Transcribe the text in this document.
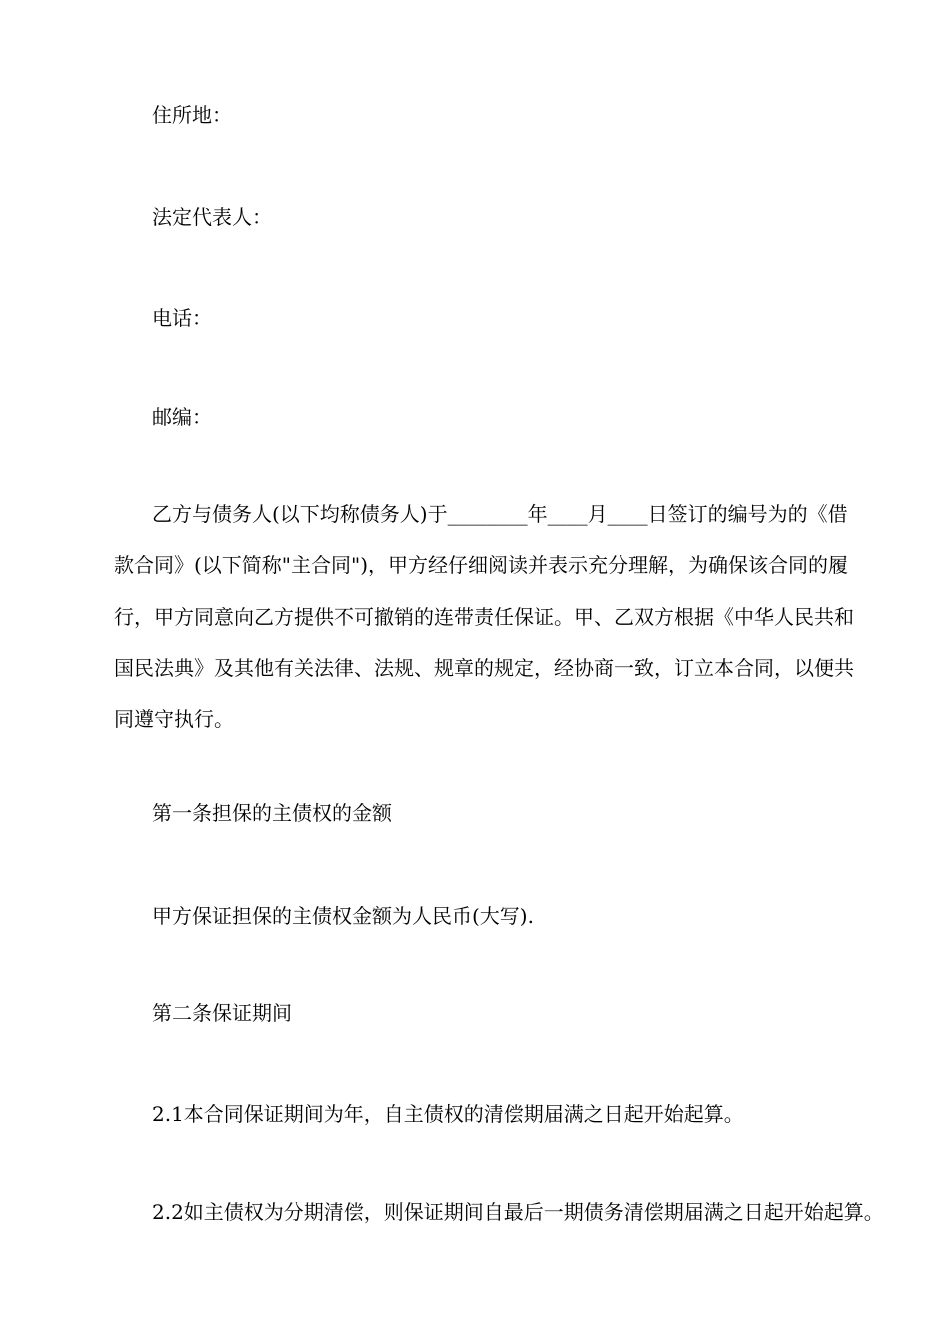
住所地：

法定代表人：

电话：

邮编：

乙方与债务人(以下均称债务人)于________年____月____日签订的编号为的《借

款合同》(以下简称"主合同")，甲方经仔细阅读并表示充分理解，为确保该合同的履

行，甲方同意向乙方提供不可撤销的连带责任保证。甲、乙双方根据《中华人民共和

国民法典》及其他有关法律、法规、规章的规定，经协商一致，订立本合同，以便共

同遵守执行。

第一条担保的主债权的金额

甲方保证担保的主债权金额为人民币(大写).

第二条保证期间

2.1本合同保证期间为年，自主债权的清偿期届满之日起开始起算。

2.2如主债权为分期清偿，则保证期间自最后一期债务清偿期届满之日起开始起算。
